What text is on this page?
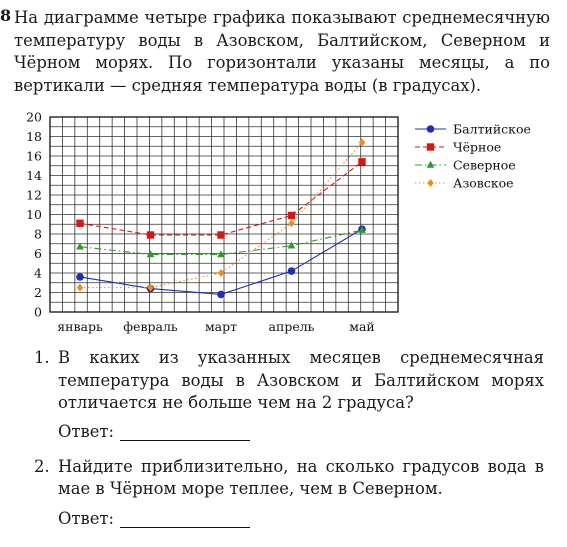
8 На диаграмме четыре графика показывают среднемесячную температуру воды в Азовском, Балтийском, Северном и Чёрном морях. По горизонтали указаны месяцы, а по вертикали — средняя температура воды (в градусах).
0
2
4
6
8
10
12
14
16
18
20
январь февраль март	апрель	май
Балтийское
Чёрное
Северное
Азовское
1. В каких из указанных месяцев среднемесячная температура воды в Азовском и Балтийском морях отличается не больше чем на 2 градуса?
Ответ:
2. Найдите приблизительно, на сколько градусов вода в мае в Чёрном море теплее, чем в Северном.
Ответ:
